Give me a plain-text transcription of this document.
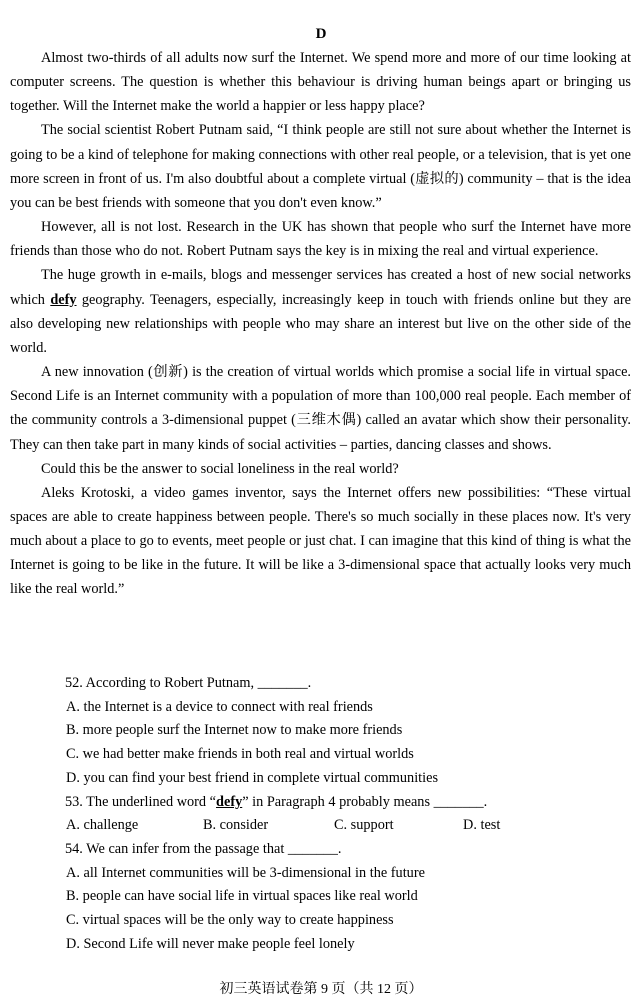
D

Almost two-thirds of all adults now surf the Internet. We spend more and more of our time looking at computer screens. The question is whether this behaviour is driving human beings apart or bringing us together. Will the Internet make the world a happier or less happy place?

The social scientist Robert Putnam said, “I think people are still not sure about whether the Internet is going to be a kind of telephone for making connections with other real people, or a television, that is yet one more screen in front of us. I'm also doubtful about a complete virtual (虚拟的) community – that is the idea you can be best friends with someone that you don't even know.”

However, all is not lost. Research in the UK has shown that people who surf the Internet have more friends than those who do not. Robert Putnam says the key is in mixing the real and virtual experience.

The huge growth in e-mails, blogs and messenger services has created a host of new social networks which defy geography. Teenagers, especially, increasingly keep in touch with friends online but they are also developing new relationships with people who may share an interest but live on the other side of the world.

A new innovation (创新) is the creation of virtual worlds which promise a social life in virtual space. Second Life is an Internet community with a population of more than 100,000 real people. Each member of the community controls a 3-dimensional puppet (三维木偶) called an avatar which show their personality. They can then take part in many kinds of social activities – parties, dancing classes and shows.

Could this be the answer to social loneliness in the real world?

Aleks Krotoski, a video games inventor, says the Internet offers new possibilities: “These virtual spaces are able to create happiness between people. There's so much socially in these places now. It's very much about a place to go to events, meet people or just chat. I can imagine that this kind of thing is what the Internet is going to be like in the future. It will be like a 3-dimensional space that actually looks very much like the real world.”

52. According to Robert Putnam, _______.
A. the Internet is a device to connect with real friends
B. more people surf the Internet now to make more friends
C. we had better make friends in both real and virtual worlds
D. you can find your best friend in complete virtual communities
53. The underlined word “defy” in Paragraph 4 probably means _______.
A. challenge	B. consider	C. support	D. test
54. We can infer from the passage that _______.
A. all Internet communities will be 3-dimensional in the future
B. people can have social life in virtual spaces like real world
C. virtual spaces will be the only way to create happiness
D. Second Life will never make people feel lonely
初三英语试卷第 9 页（共 12 页）
